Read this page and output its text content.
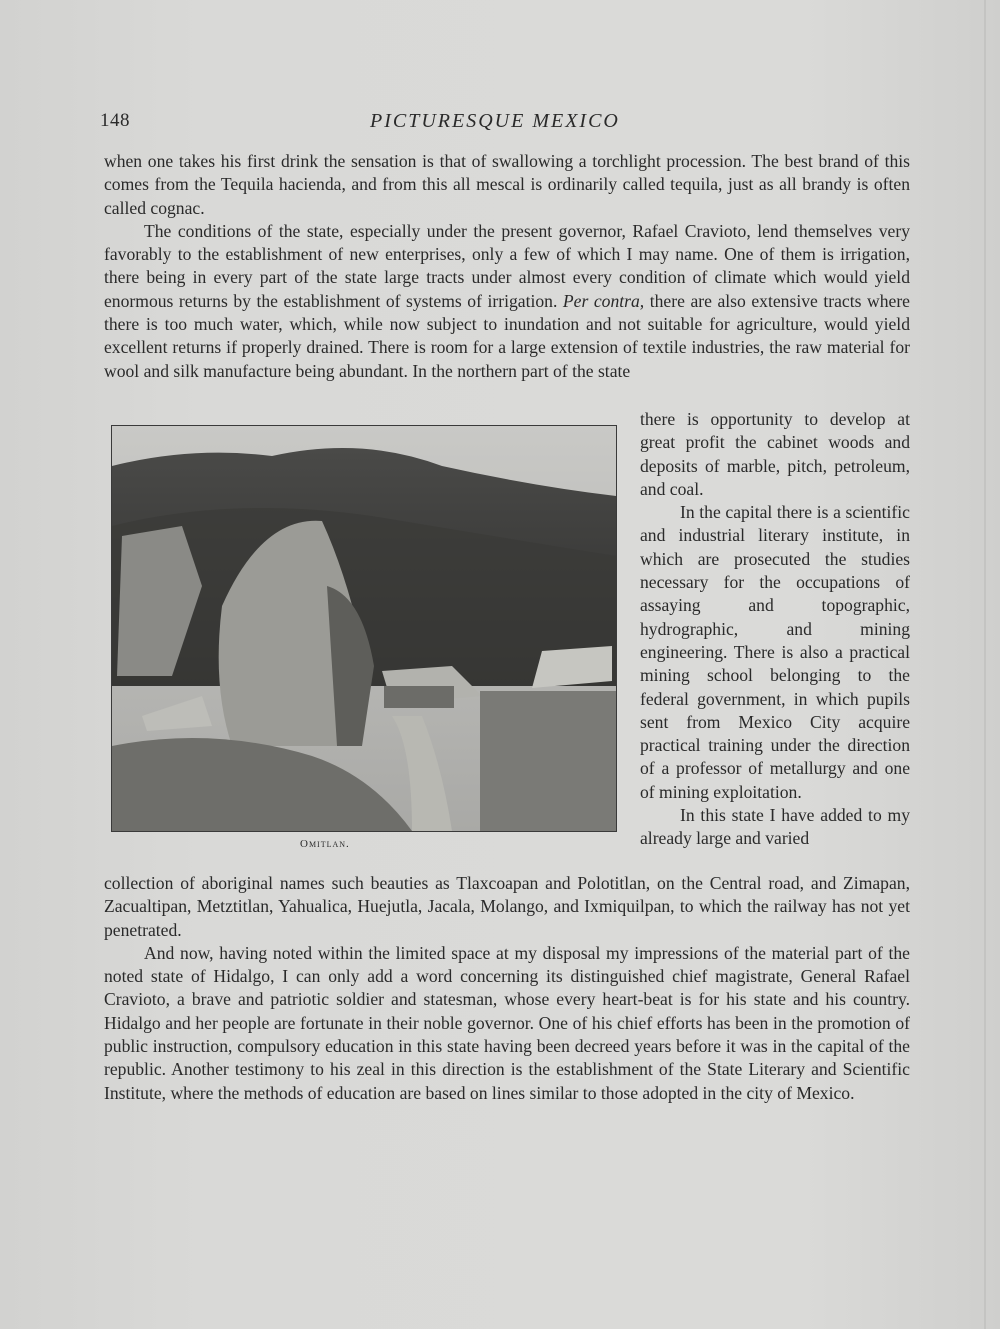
148	PICTURESQUE MEXICO

when one takes his first drink the sensation is that of swallowing a torchlight procession. The best brand of this comes from the Tequila hacienda, and from this all mescal is ordinarily called tequila, just as all brandy is often called cognac.

The conditions of the state, especially under the present governor, Rafael Cravioto, lend themselves very favorably to the establishment of new enterprises, only a few of which I may name. One of them is irrigation, there being in every part of the state large tracts under almost every condition of climate which would yield enormous returns by the establishment of systems of irrigation. Per contra, there are also extensive tracts where there is too much water, which, while now subject to inundation and not suitable for agriculture, would yield excellent returns if properly drained. There is room for a large extension of textile industries, the raw material for wool and silk manufacture being abundant. In the northern part of the state

Omitlan.

there is opportunity to develop at great profit the cabinet woods and deposits of marble, pitch, petroleum, and coal.

In the capital there is a scientific and industrial literary institute, in which are prosecuted the studies necessary for the occupations of assaying and topographic, hydrographic, and mining engineering. There is also a practical mining school belonging to the federal government, in which pupils sent from Mexico City acquire practical training under the direction of a professor of metallurgy and one of mining exploitation.

In this state I have added to my already large and varied

collection of aboriginal names such beauties as Tlaxcoapan and Polotitlan, on the Central road, and Zimapan, Zacualtipan, Metztitlan, Yahualica, Huejutla, Jacala, Molango, and Ixmiquilpan, to which the railway has not yet penetrated.

And now, having noted within the limited space at my disposal my impressions of the material part of the noted state of Hidalgo, I can only add a word concerning its distinguished chief magistrate, General Rafael Cravioto, a brave and patriotic soldier and statesman, whose every heart-beat is for his state and his country. Hidalgo and her people are fortunate in their noble governor. One of his chief efforts has been in the promotion of public instruction, compulsory education in this state having been decreed years before it was in the capital of the republic. Another testimony to his zeal in this direction is the establishment of the State Literary and Scientific Institute, where the methods of education are based on lines similar to those adopted in the city of Mexico.
